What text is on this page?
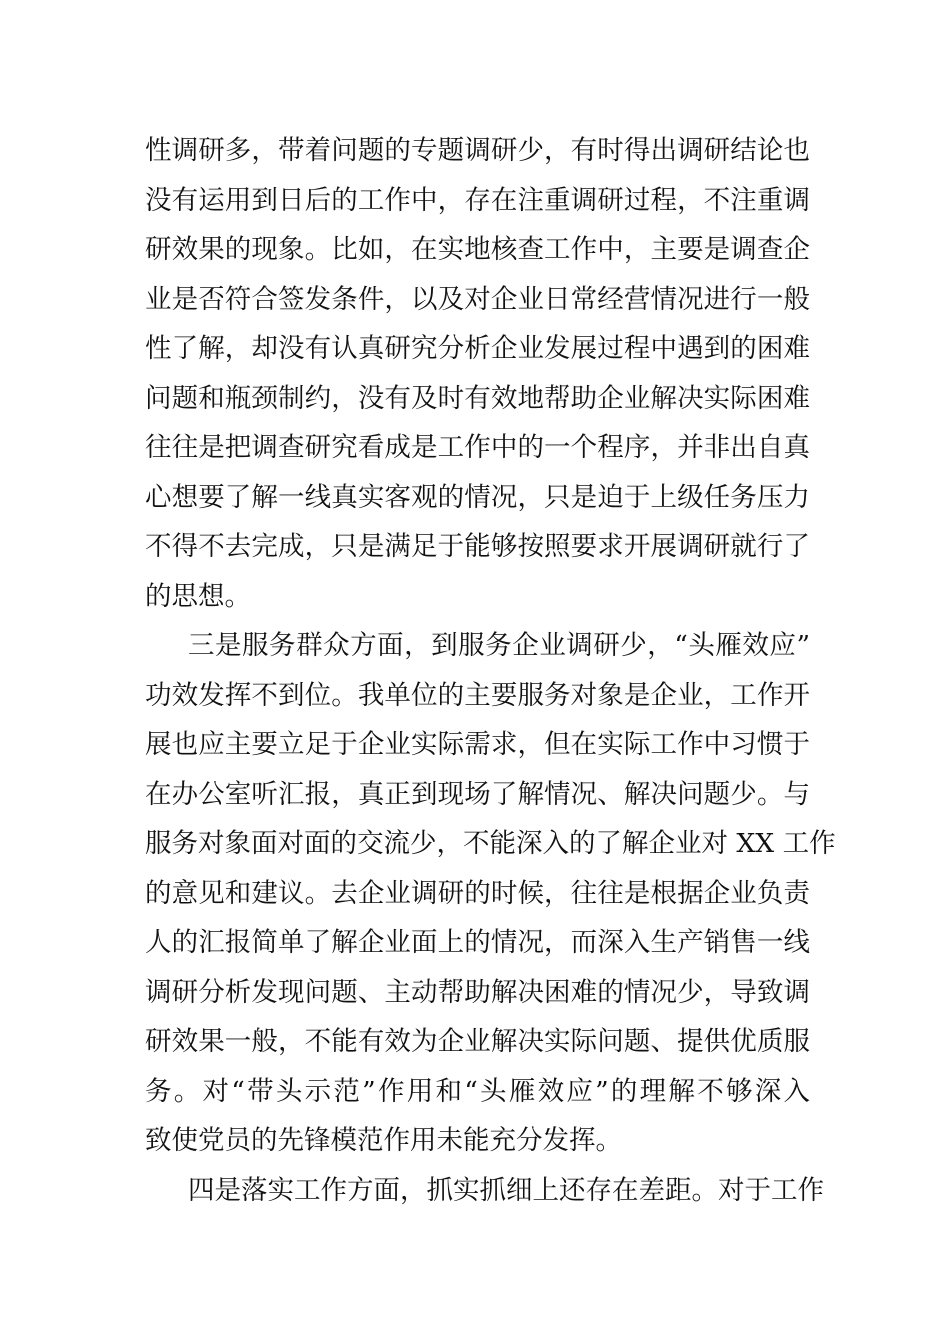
性调研多，带着问题的专题调研少，有时得出调研结论也
没有运用到日后的工作中，存在注重调研过程，不注重调
研效果的现象。比如，在实地核查工作中，主要是调查企
业是否符合签发条件，以及对企业日常经营情况进行一般
性了解，却没有认真研究分析企业发展过程中遇到的困难
问题和瓶颈制约，没有及时有效地帮助企业解决实际困难
往往是把调查研究看成是工作中的一个程序，并非出自真
心想要了解一线真实客观的情况，只是迫于上级任务压力
不得不去完成，只是满足于能够按照要求开展调研就行了
的思想。
三是服务群众方面，到服务企业调研少，“头雁效应”
功效发挥不到位。我单位的主要服务对象是企业，工作开
展也应主要立足于企业实际需求，但在实际工作中习惯于
在办公室听汇报，真正到现场了解情况、解决问题少。与
服务对象面对面的交流少，不能深入的了解企业对 XX 工作
的意见和建议。去企业调研的时候，往往是根据企业负责
人的汇报简单了解企业面上的情况，而深入生产销售一线
调研分析发现问题、主动帮助解决困难的情况少，导致调
研效果一般，不能有效为企业解决实际问题、提供优质服
务。对“带头示范”作用和“头雁效应”的理解不够深入
致使党员的先锋模范作用未能充分发挥。
四是落实工作方面，抓实抓细上还存在差距。对于工作
